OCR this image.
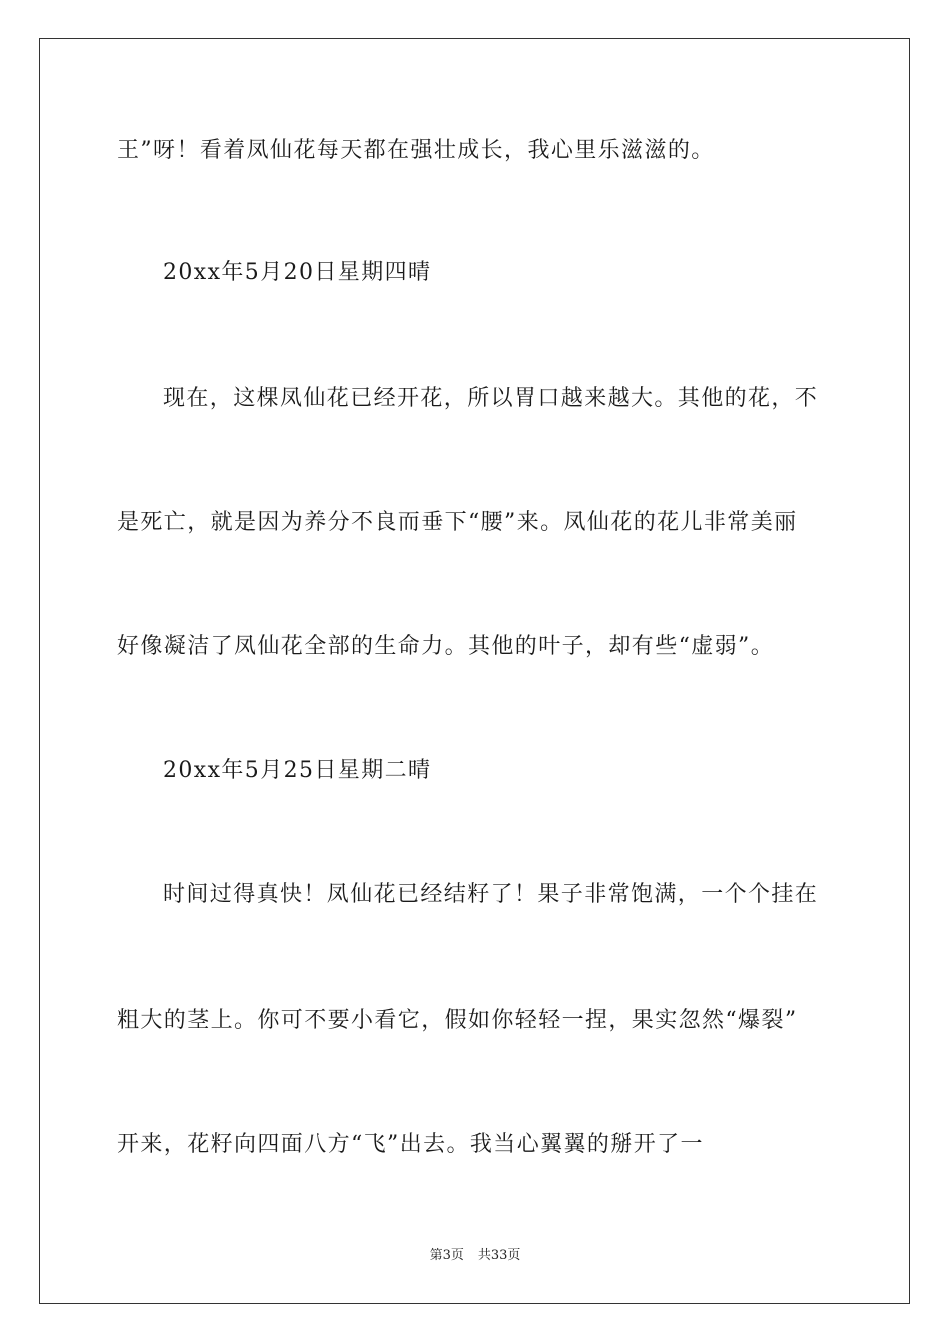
王”呀！看着凤仙花每天都在强壮成长，我心里乐滋滋的。
20xx年5月20日星期四晴
现在，这棵凤仙花已经开花，所以胃口越来越大。其他的花，不
是死亡，就是因为养分不良而垂下“腰”来。凤仙花的花儿非常美丽
好像凝洁了凤仙花全部的生命力。其他的叶子，却有些“虚弱”。
20xx年5月25日星期二晴
时间过得真快！凤仙花已经结籽了！果子非常饱满，一个个挂在
粗大的茎上。你可不要小看它，假如你轻轻一捏，果实忽然“爆裂”
开来，花籽向四面八方“飞”出去。我当心翼翼的掰开了一
第3页 共33页
